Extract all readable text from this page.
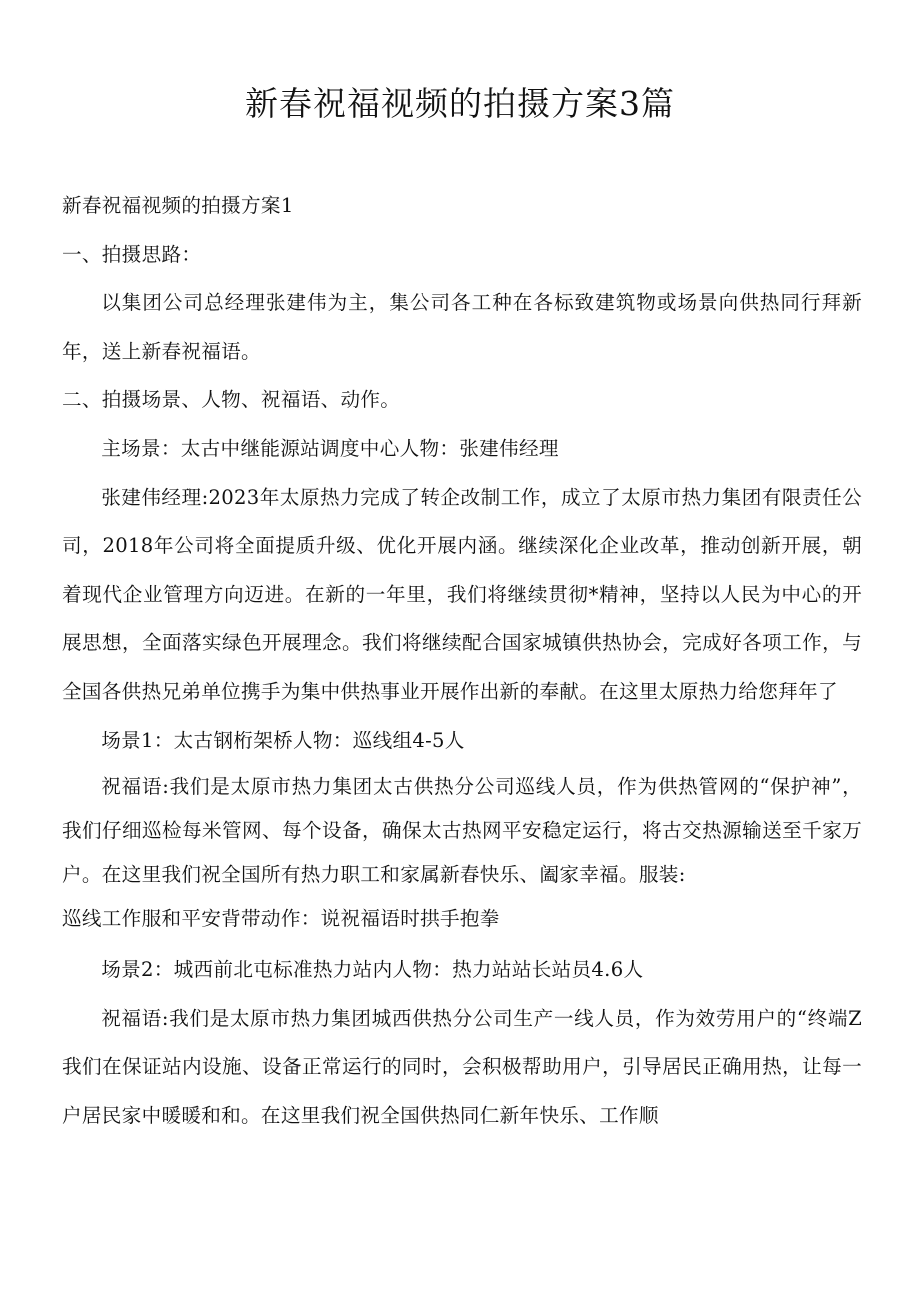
新春祝福视频的拍摄方案3篇

新春祝福视频的拍摄方案1

一、拍摄思路：

以集团公司总经理张建伟为主，集公司各工种在各标致建筑物或场景向供热同行拜新年，送上新春祝福语。

二、拍摄场景、人物、祝福语、动作。

主场景：太古中继能源站调度中心人物：张建伟经理

张建伟经理:2023年太原热力完成了转企改制工作，成立了太原市热力集团有限责任公司，2018年公司将全面提质升级、优化开展内涵。继续深化企业改革，推动创新开展，朝着现代企业管理方向迈进。在新的一年里，我们将继续贯彻*精神，坚持以人民为中心的开展思想，全面落实绿色开展理念。我们将继续配合国家城镇供热协会，完成好各项工作，与全国各供热兄弟单位携手为集中供热事业开展作出新的奉献。在这里太原热力给您拜年了

场景1：太古钢桁架桥人物：巡线组4-5人

祝福语:我们是太原市热力集团太古供热分公司巡线人员，作为供热管网的“保护神”，我们仔细巡检每米管网、每个设备，确保太古热网平安稳定运行，将古交热源输送至千家万户。在这里我们祝全国所有热力职工和家属新春快乐、阖家幸福。服装:

巡线工作服和平安背带动作：说祝福语时拱手抱拳

场景2：城西前北屯标准热力站内人物：热力站站长站员4.6人

祝福语:我们是太原市热力集团城西供热分公司生产一线人员，作为效劳用户的“终端Z我们在保证站内设施、设备正常运行的同时，会积极帮助用户，引导居民正确用热，让每一户居民家中暖暖和和。在这里我们祝全国供热同仁新年快乐、工作顺
